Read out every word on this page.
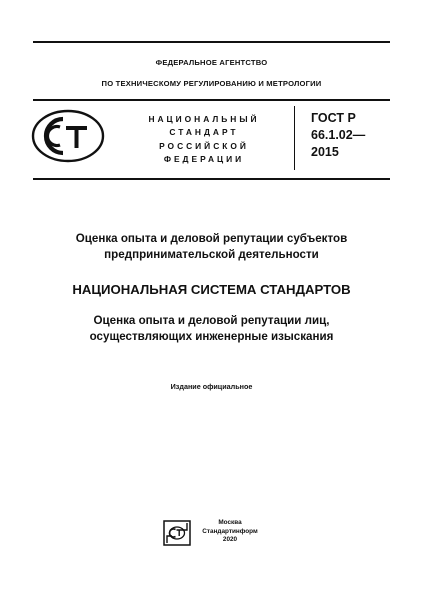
ФЕДЕРАЛЬНОЕ АГЕНТСТВО
ПО ТЕХНИЧЕСКОМУ РЕГУЛИРОВАНИЮ И МЕТРОЛОГИИ
НАЦИОНАЛЬНЫЙ
СТАНДАРТ
РОССИЙСКОЙ
ФЕДЕРАЦИИ
ГОСТ Р
66.1.02—
2015
Оценка опыта и деловой репутации субъектов
предпринимательской деятельности
НАЦИОНАЛЬНАЯ СИСТЕМА СТАНДАРТОВ
Оценка опыта и деловой репутации лиц,
осуществляющих инженерные изыскания
Издание официальное
Москва
Стандартинформ
2020
